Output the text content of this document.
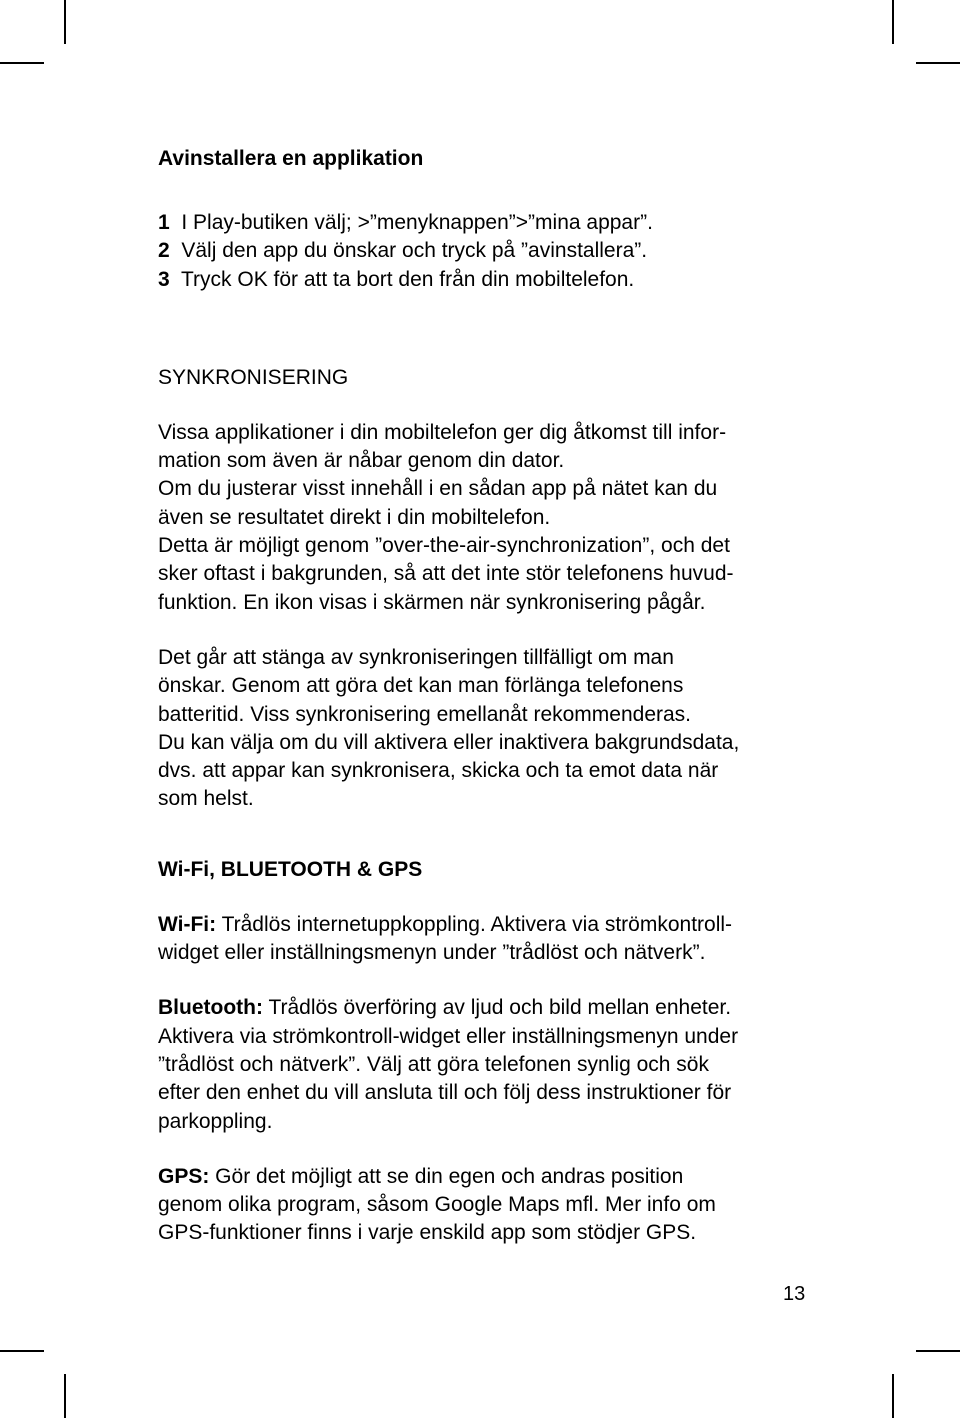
Avinstallera en applikation

1 I Play-butiken välj; >”menyknappen”>”mina appar”.

2 Välj den app du önskar och tryck på ”avinstallera”.

3 Tryck OK för att ta bort den från din mobiltelefon.

SYNKRONISERING

Vissa applikationer i din mobiltelefon ger dig åtkomst till infor-

mation som även är nåbar genom din dator.

Om du justerar visst innehåll i en sådan app på nätet kan du

även se resultatet direkt i din mobiltelefon.

Detta är möjligt genom ”over-the-air-synchronization”, och det

sker oftast i bakgrunden, så att det inte stör telefonens huvud-

funktion. En ikon visas i skärmen när synkronisering pågår.

Det går att stänga av synkroniseringen tillfälligt om man

önskar. Genom att göra det kan man förlänga telefonens

batteritid. Viss synkronisering emellanåt rekommenderas.

Du kan välja om du vill aktivera eller inaktivera bakgrundsdata,

dvs. att appar kan synkronisera, skicka och ta emot data när

som helst.

Wi-Fi, BLUETOOTH & GPS

Wi-Fi: Trådlös internetuppkoppling. Aktivera via strömkontroll-

widget eller inställningsmenyn under ”trådlöst och nätverk”.

Bluetooth: Trådlös överföring av ljud och bild mellan enheter.

Aktivera via strömkontroll-widget eller inställningsmenyn under

”trådlöst och nätverk”. Välj att göra telefonen synlig och sök

efter den enhet du vill ansluta till och följ dess instruktioner för

parkoppling.

GPS: Gör det möjligt att se din egen och andras position

genom olika program, såsom Google Maps mfl. Mer info om

GPS-funktioner finns i varje enskild app som stödjer GPS.

13
